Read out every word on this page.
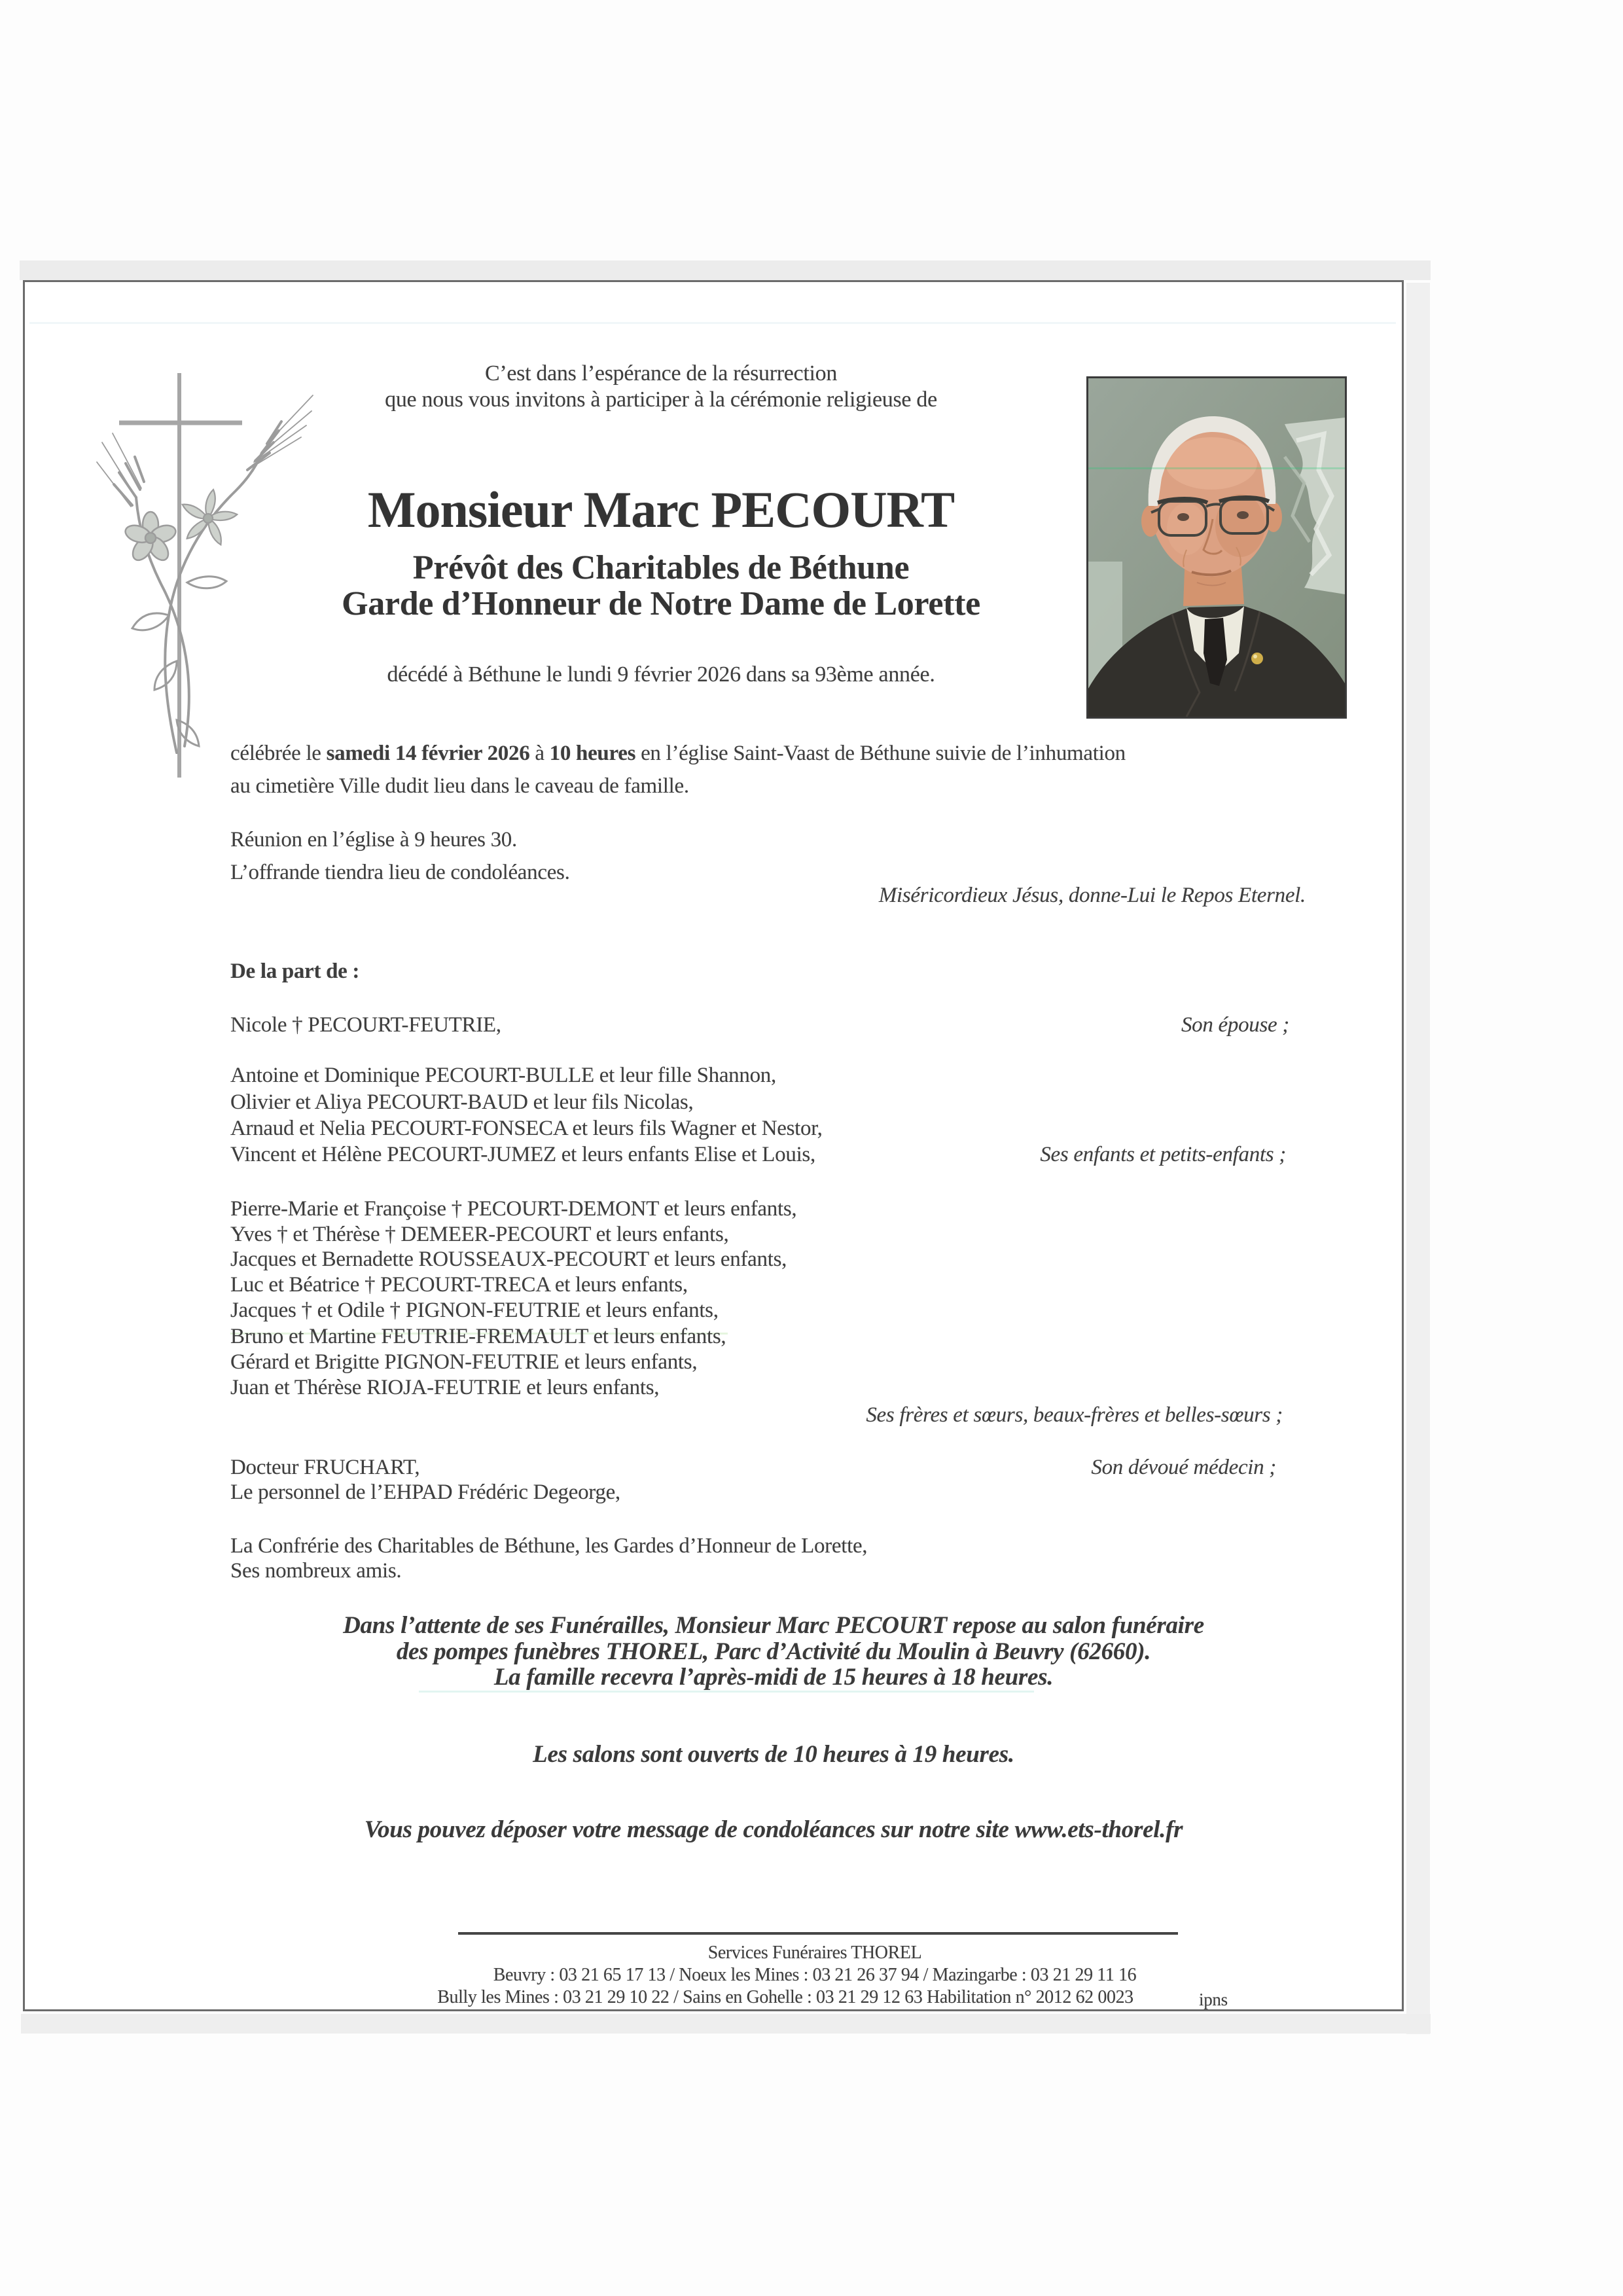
C’est dans l’espérance de la résurrection
que nous vous invitons à participer à la cérémonie religieuse de
Monsieur Marc PECOURT
Prévôt des Charitables de Béthune
Garde d’Honneur de Notre Dame de Lorette
décédé à Béthune le lundi 9 février 2026 dans sa 93ème année.
célébrée le samedi 14 février 2026 à 10 heures en l’église Saint-Vaast de Béthune suivie de l’inhumation
au cimetière Ville dudit lieu dans le caveau de famille.
Réunion en l’église à 9 heures 30.
L’offrande tiendra lieu de condoléances.
Miséricordieux Jésus, donne-Lui le Repos Eternel.
De la part de :
Nicole † PECOURT-FEUTRIE,	Son épouse ;
Antoine et Dominique PECOURT-BULLE et leur fille Shannon,
Olivier et Aliya PECOURT-BAUD et leur fils Nicolas,
Arnaud et Nelia PECOURT-FONSECA et leurs fils Wagner et Nestor,
Vincent et Hélène PECOURT-JUMEZ et leurs enfants Elise et Louis,	Ses enfants et petits-enfants ;
Pierre-Marie et Françoise † PECOURT-DEMONT et leurs enfants,
Yves † et Thérèse † DEMEER-PECOURT et leurs enfants,
Jacques et Bernadette ROUSSEAUX-PECOURT et leurs enfants,
Luc et Béatrice † PECOURT-TRECA et leurs enfants,
Jacques † et Odile † PIGNON-FEUTRIE et leurs enfants,
Bruno et Martine FEUTRIE-FREMAULT et leurs enfants,
Gérard et Brigitte PIGNON-FEUTRIE et leurs enfants,
Juan et Thérèse RIOJA-FEUTRIE et leurs enfants,
Ses frères et sœurs, beaux-frères et belles-sœurs ;
Docteur FRUCHART,	Son dévoué médecin ;
Le personnel de l’EHPAD Frédéric Degeorge,
La Confrérie des Charitables de Béthune, les Gardes d’Honneur de Lorette,
Ses nombreux amis.
Dans l’attente de ses Funérailles, Monsieur Marc PECOURT repose au salon funéraire
des pompes funèbres THOREL, Parc d’Activité du Moulin à Beuvry (62660).
La famille recevra l’après-midi de 15 heures à 18 heures.
Les salons sont ouverts de 10 heures à 19 heures.
Vous pouvez déposer votre message de condoléances sur notre site www.ets-thorel.fr
Services Funéraires THOREL
Beuvry : 03 21 65 17 13 / Noeux les Mines : 03 21 26 37 94 / Mazingarbe : 03 21 29 11 16
Bully les Mines : 03 21 29 10 22 / Sains en Gohelle : 03 21 29 12 63 Habilitation n° 2012 62 0023	ipns
